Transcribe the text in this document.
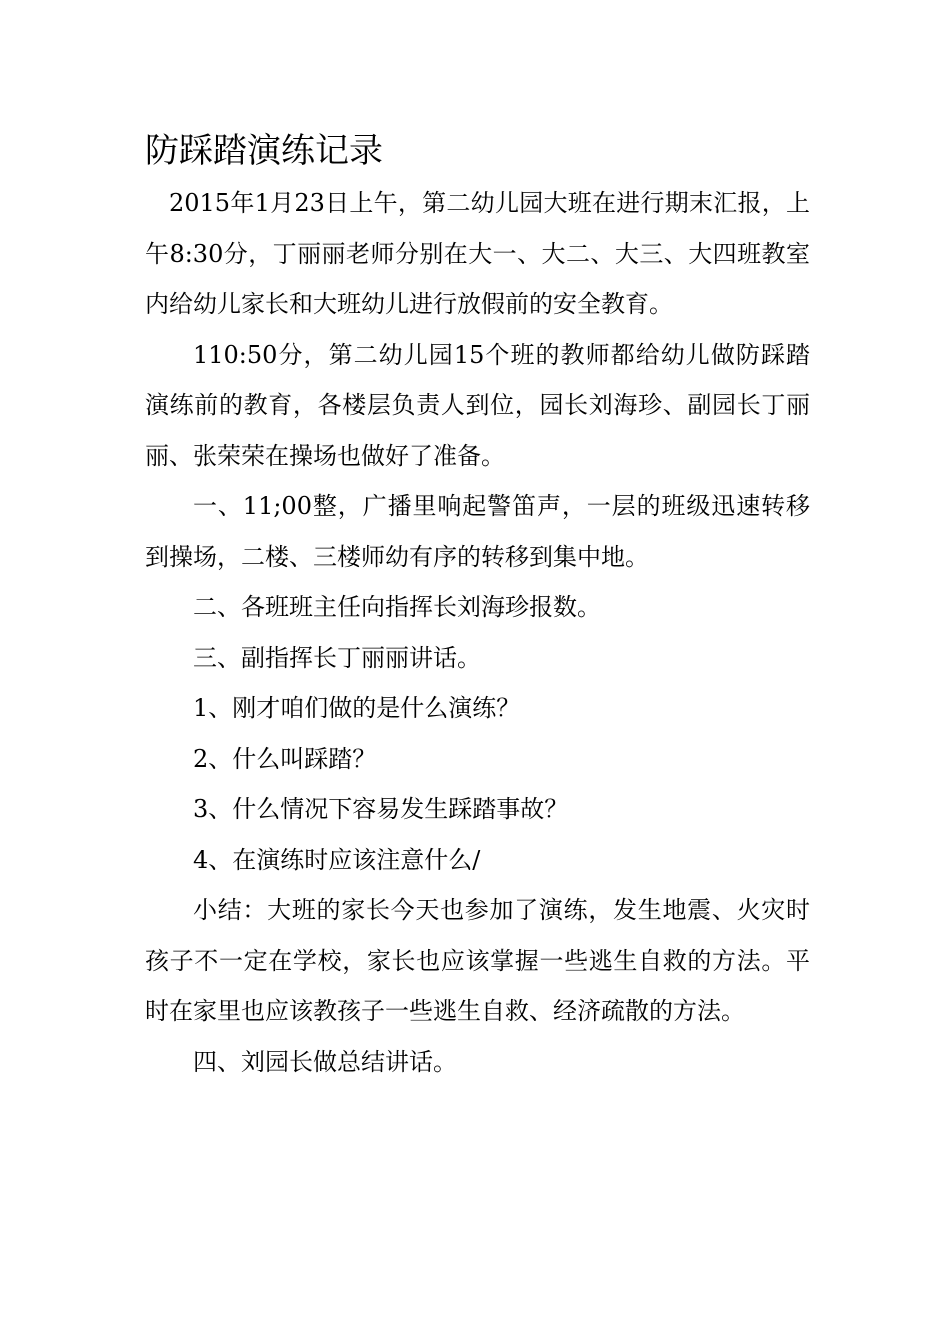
防踩踏演练记录

2015年1月23日上午，第二幼儿园大班在进行期末汇报，上午8:30分，丁丽丽老师分别在大一、大二、大三、大四班教室内给幼儿家长和大班幼儿进行放假前的安全教育。

110:50分，第二幼儿园15个班的教师都给幼儿做防踩踏演练前的教育，各楼层负责人到位，园长刘海珍、副园长丁丽丽、张荣荣在操场也做好了准备。

一、11;00整，广播里响起警笛声，一层的班级迅速转移到操场，二楼、三楼师幼有序的转移到集中地。

二、各班班主任向指挥长刘海珍报数。

三、副指挥长丁丽丽讲话。

1、刚才咱们做的是什么演练？

2、什么叫踩踏？

3、什么情况下容易发生踩踏事故？

4、在演练时应该注意什么/

小结：大班的家长今天也参加了演练，发生地震、火灾时孩子不一定在学校，家长也应该掌握一些逃生自救的方法。平时在家里也应该教孩子一些逃生自救、经济疏散的方法。

四、刘园长做总结讲话。
